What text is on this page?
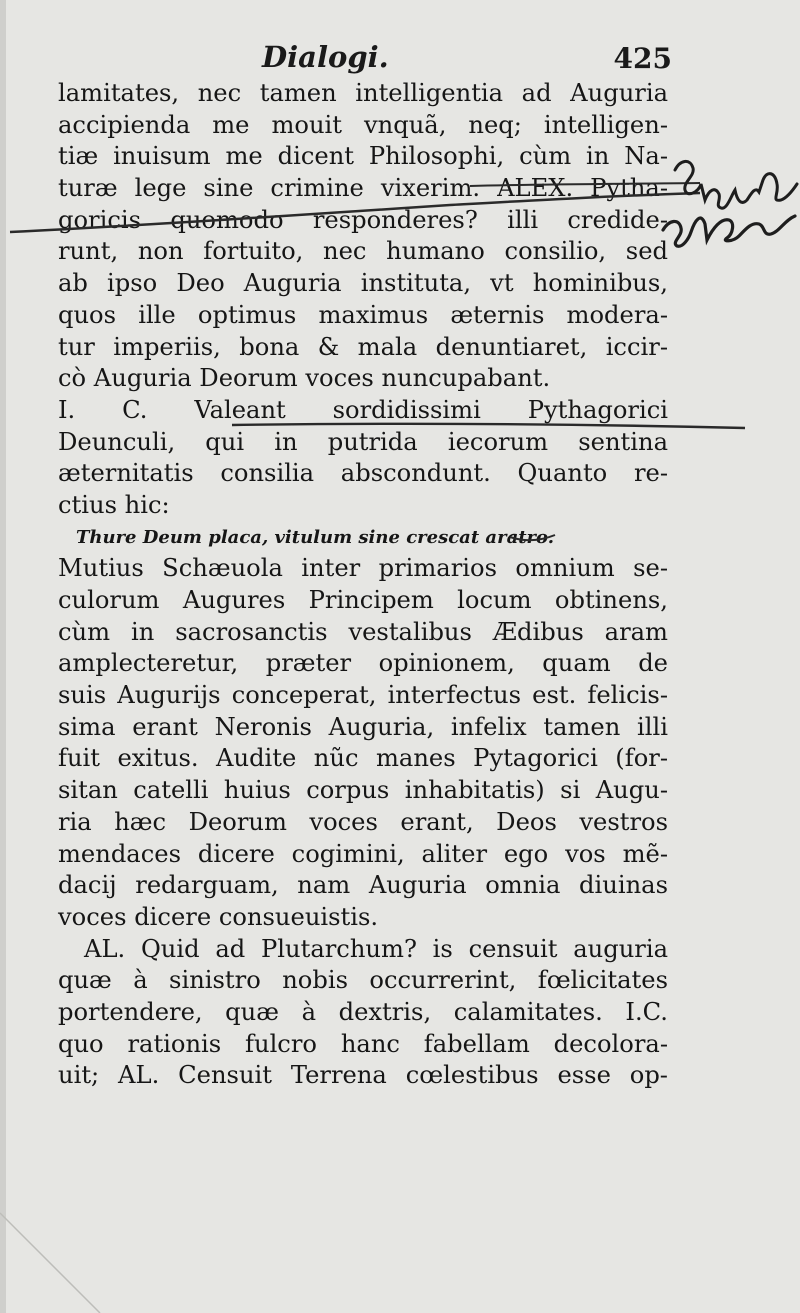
Dialogi.	425
lamitates, nec tamen intelligentia ad Auguria
accipienda me mouit vnquã, neq; intelligen-
tiæ inuisum me dicent Philosophi, cùm in Na-
turæ lege sine crimine vixerim. ALEX. Pytha-
goricis quomodo responderes? illi credide-
runt, non fortuito, nec humano consilio, sed
ab ipso Deo Auguria instituta, vt hominibus,
quos ille optimus maximus æternis modera-
tur imperiis, bona & mala denuntiaret, iccir-
cò Auguria Deorum voces nuncupabant.
I. C. Valeant sordidissimi Pythagorici
Deunculi, qui in putrida iecorum sentina
æternitatis consilia abscondunt. Quanto re-
ctius hic:
Thure Deum placa, vitulum sine crescat aratro.
Mutius Schæuola inter primarios omnium se-
culorum Augures Principem locum obtinens,
cùm in sacrosanctis vestalibus Ædibus aram
amplecteretur, præter opinionem, quam de
suis Augurijs conceperat, interfectus est. felicis-
sima erant Neronis Auguria, infelix tamen illi
fuit exitus. Audite nũc manes Pytagorici (for-
sitan catelli huius corpus inhabitatis) si Augu-
ria hæc Deorum voces erant, Deos vestros
mendaces dicere cogimini, aliter ego vos mẽ-
dacij redarguam, nam Auguria omnia diuinas
voces dicere consueuistis.
AL. Quid ad Plutarchum? is censuit auguria
quæ à sinistro nobis occurrerint, fœlicitates
portendere, quæ à dextris, calamitates. I.C.
quo rationis fulcro hanc fabellam decolora-
uit; AL. Censuit Terrena cœlestibus esse op-
